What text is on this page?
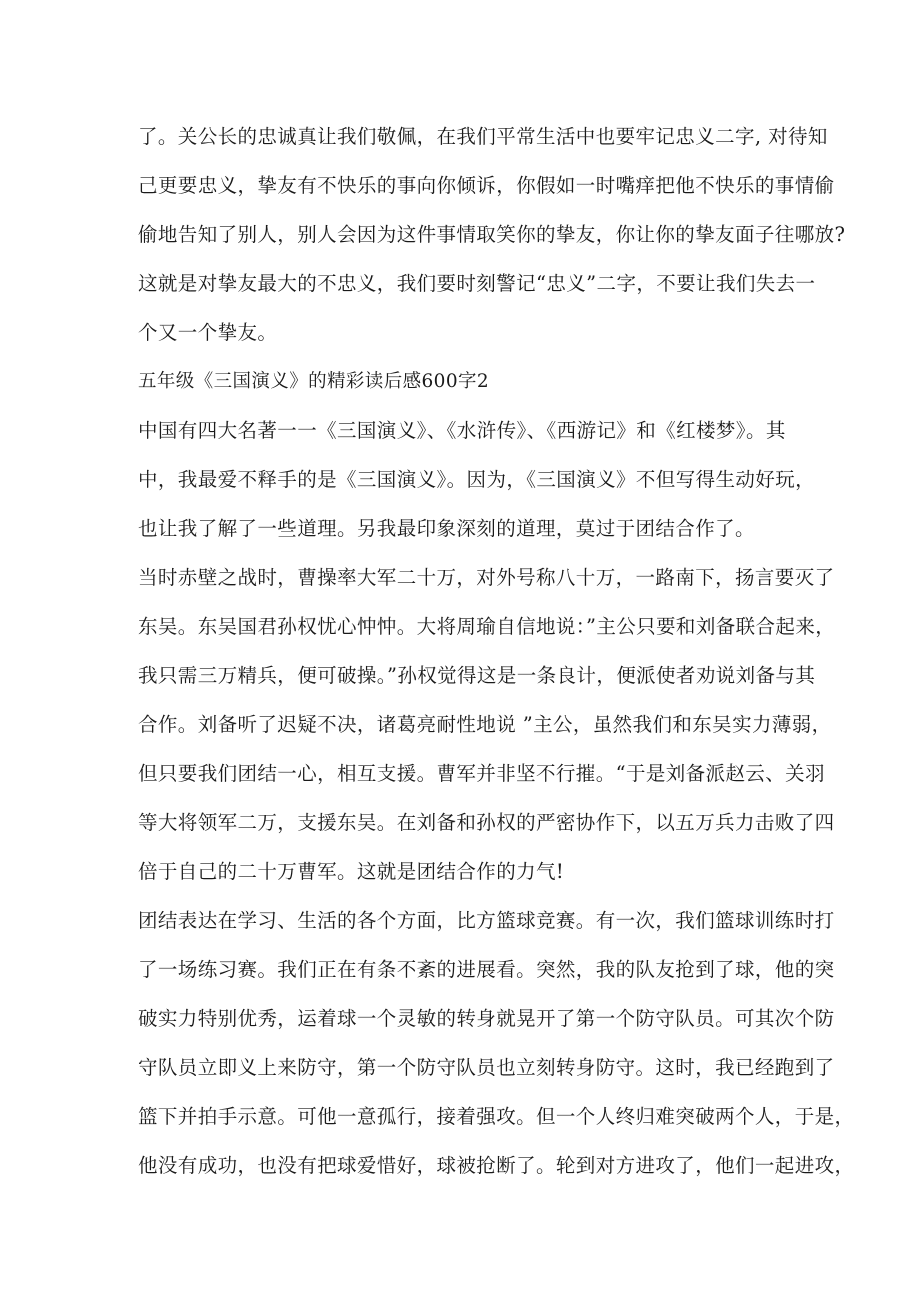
了。关公长的忠诚真让我们敬佩，在我们平常生活中也要牢记忠义二字, 对待知
己更要忠义，挚友有不快乐的事向你倾诉，你假如一时嘴痒把他不快乐的事情偷
偷地告知了别人，别人会因为这件事情取笑你的挚友，你让你的挚友面子往哪放?
这就是对挚友最大的不忠义，我们要时刻警记“忠义”二字，不要让我们失去一
个又一个挚友。
五年级《三国演义》的精彩读后感600字2
中国有四大名著一一《三国演义》、《水浒传》、《西游记》和《红楼梦》。其
中，我最爱不释手的是《三国演义》。因为，《三国演义》不但写得生动好玩，
也让我了解了一些道理。另我最印象深刻的道理，莫过于团结合作了。
当时赤壁之战时，曹操率大军二十万，对外号称八十万，一路南下，扬言要灭了
东吴。东吴国君孙权忧心忡忡。大将周瑜自信地说：”主公只要和刘备联合起来，
我只需三万精兵，便可破操。”孙权觉得这是一条良计，便派使者劝说刘备与其
合作。刘备听了迟疑不决，诸葛亮耐性地说 ”主公，虽然我们和东吴实力薄弱，
但只要我们团结一心，相互支援。曹军并非坚不行摧。“于是刘备派赵云、关羽
等大将领军二万，支援东吴。在刘备和孙权的严密协作下，以五万兵力击败了四
倍于自己的二十万曹军。这就是团结合作的力气!
团结表达在学习、生活的各个方面，比方篮球竞赛。有一次，我们篮球训练时打
了一场练习赛。我们正在有条不紊的进展看。突然，我的队友抢到了球，他的突
破实力特别优秀，运着球一个灵敏的转身就晃开了第一个防守队员。可其次个防
守队员立即义上来防守，第一个防守队员也立刻转身防守。这时，我已经跑到了
篮下并拍手示意。可他一意孤行，接着强攻。但一个人终归难突破两个人，于是，
他没有成功，也没有把球爱惜好，球被抢断了。轮到对方进攻了，他们一起进攻，
